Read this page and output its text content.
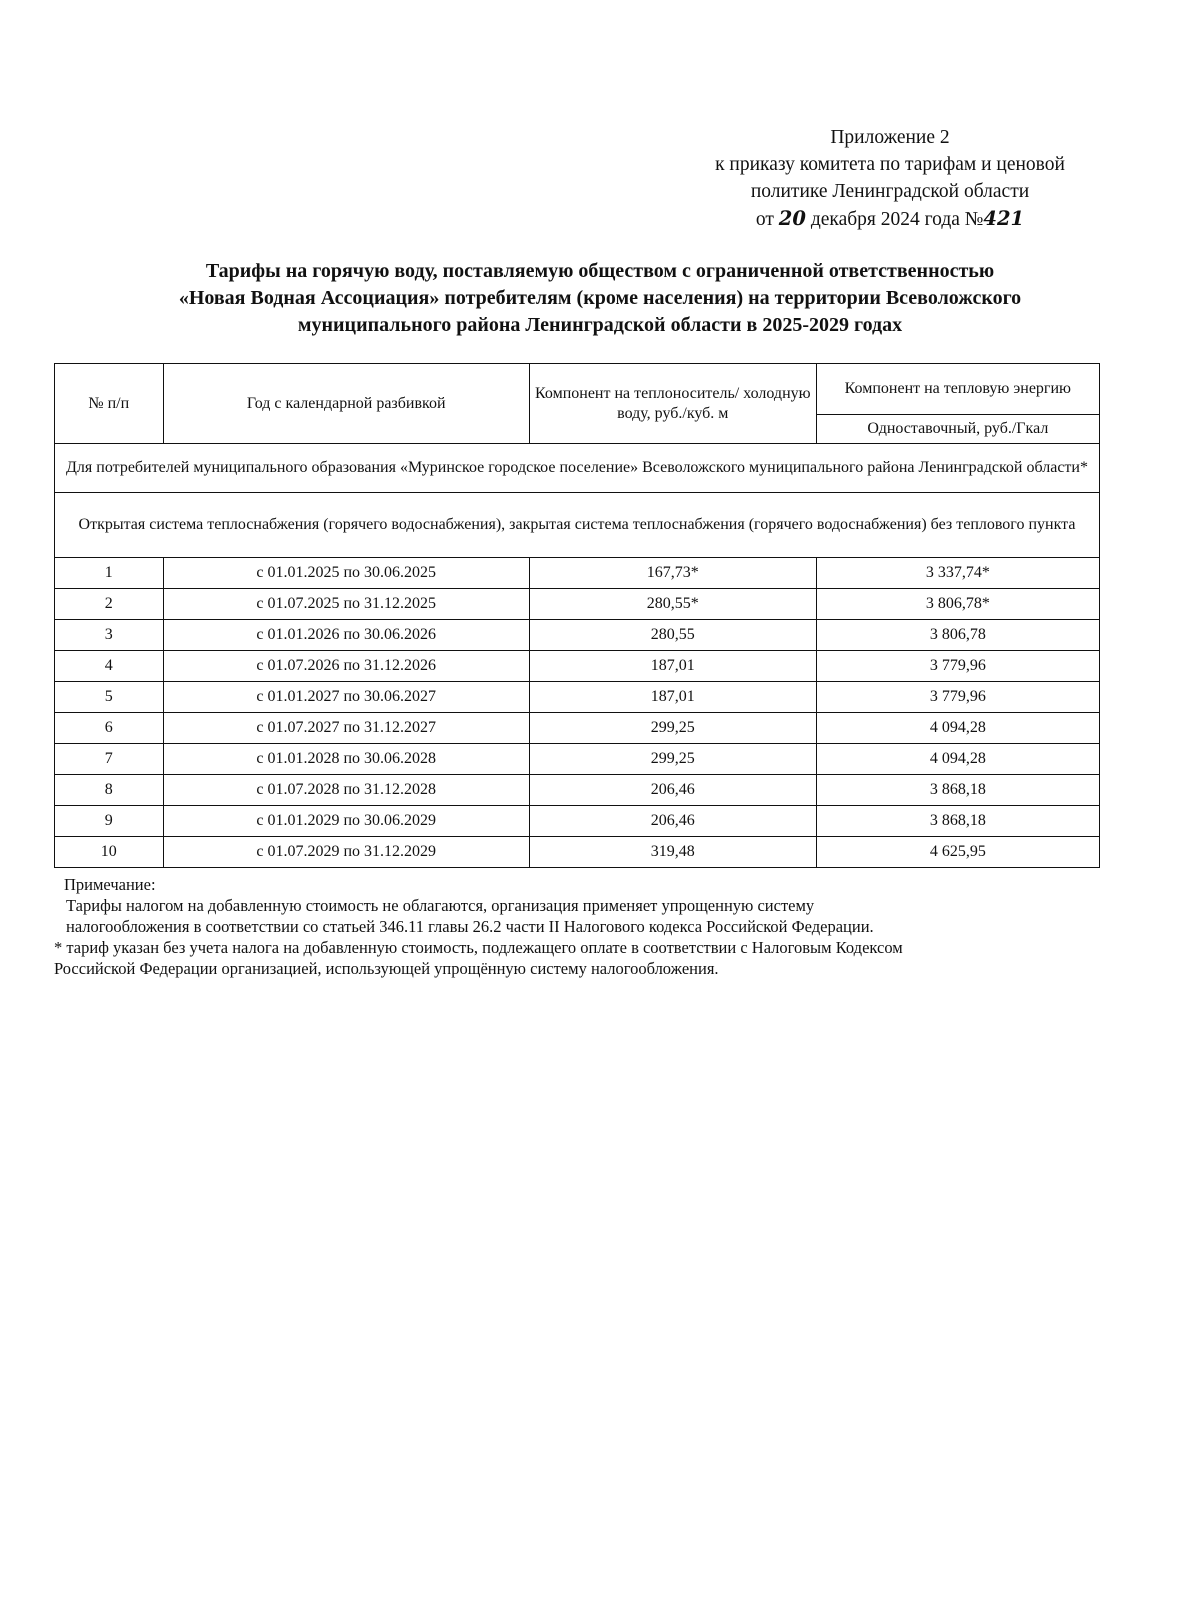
Приложение 2
к приказу комитета по тарифам и ценовой
политике Ленинградской области
от 20 декабря 2024 года №421
Тарифы на горячую воду, поставляемую обществом с ограниченной ответственностью
«Новая Водная Ассоциация» потребителям (кроме населения) на территории Всеволожского
муниципального района Ленинградской области в 2025-2029 годах
№ п/п	Год с календарной разбивкой	Компонент на теплоноситель/ холодную воду, руб./куб. м	Компонент на тепловую энергию
			Одноставочный, руб./Гкал
Для потребителей муниципального образования «Муринское городское поселение» Всеволожского муниципального района Ленинградской области*			
Открытая система теплоснабжения (горячего водоснабжения), закрытая система теплоснабжения (горячего водоснабжения) без теплового пункта			
1	с 01.01.2025 по 30.06.2025	167,73*	3 337,74*
2	с 01.07.2025 по 31.12.2025	280,55*	3 806,78*
3	с 01.01.2026 по 30.06.2026	280,55	3 806,78
4	с 01.07.2026 по 31.12.2026	187,01	3 779,96
5	с 01.01.2027 по 30.06.2027	187,01	3 779,96
6	с 01.07.2027 по 31.12.2027	299,25	4 094,28
7	с 01.01.2028 по 30.06.2028	299,25	4 094,28
8	с 01.07.2028 по 31.12.2028	206,46	3 868,18
9	с 01.01.2029 по 30.06.2029	206,46	3 868,18
10	с 01.07.2029 по 31.12.2029	319,48	4 625,95
Примечание:
Тарифы налогом на добавленную стоимость не облагаются, организация применяет упрощенную систему
налогообложения в соответствии со статьей 346.11 главы 26.2 части II Налогового кодекса Российской Федерации.
* тариф указан без учета налога на добавленную стоимость, подлежащего оплате в соответствии с Налоговым Кодексом
Российской Федерации организацией, использующей упрощённую систему налогообложения.
